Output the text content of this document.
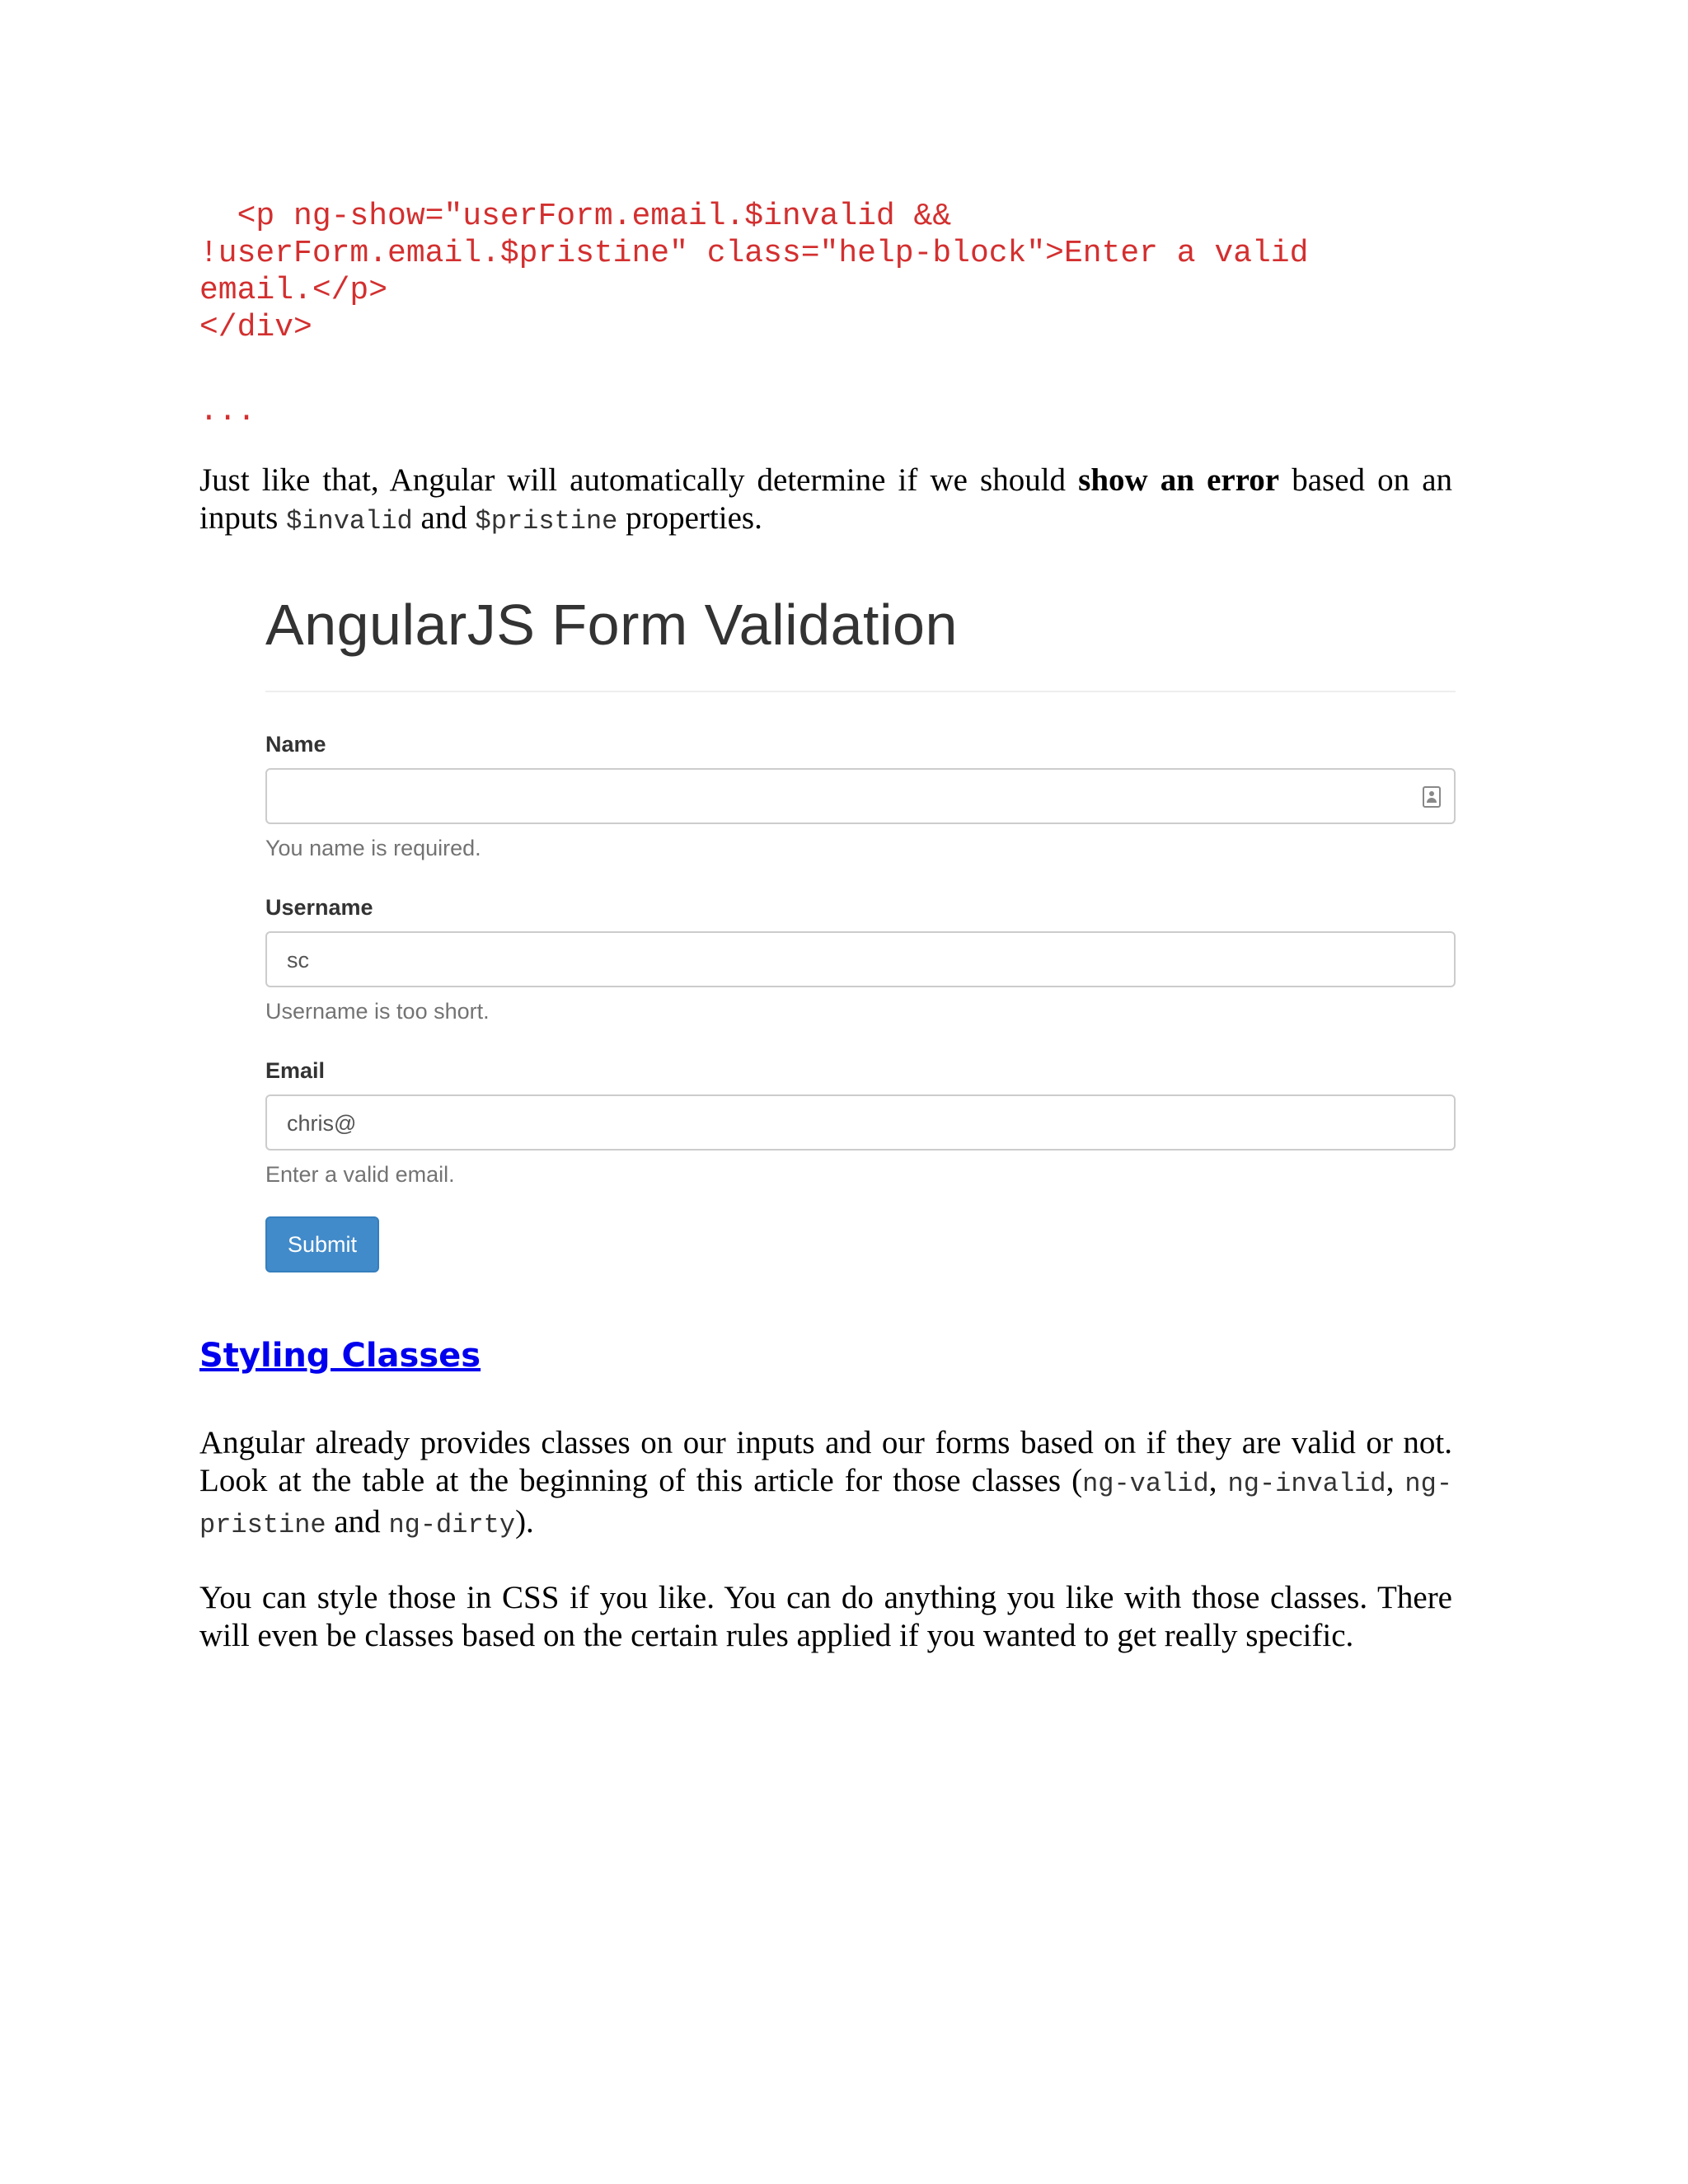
<p ng-show="userForm.email.$invalid &&
!userForm.email.$pristine" class="help-block">Enter a valid
email.</p>
</div>
...

Just like that, Angular will automatically determine if we should show an error based on an inputs $invalid and $pristine properties.

AngularJS Form Validation
Name
You name is required.
Username
sc
Username is too short.
Email
chris@
Enter a valid email.
Submit
Styling Classes

Angular already provides classes on our inputs and our forms based on if they are valid or not. Look at the table at the beginning of this article for those classes (ng-valid, ng-invalid, ng-pristine and ng-dirty).

You can style those in CSS if you like. You can do anything you like with those classes. There will even be classes based on the certain rules applied if you wanted to get really specific.
